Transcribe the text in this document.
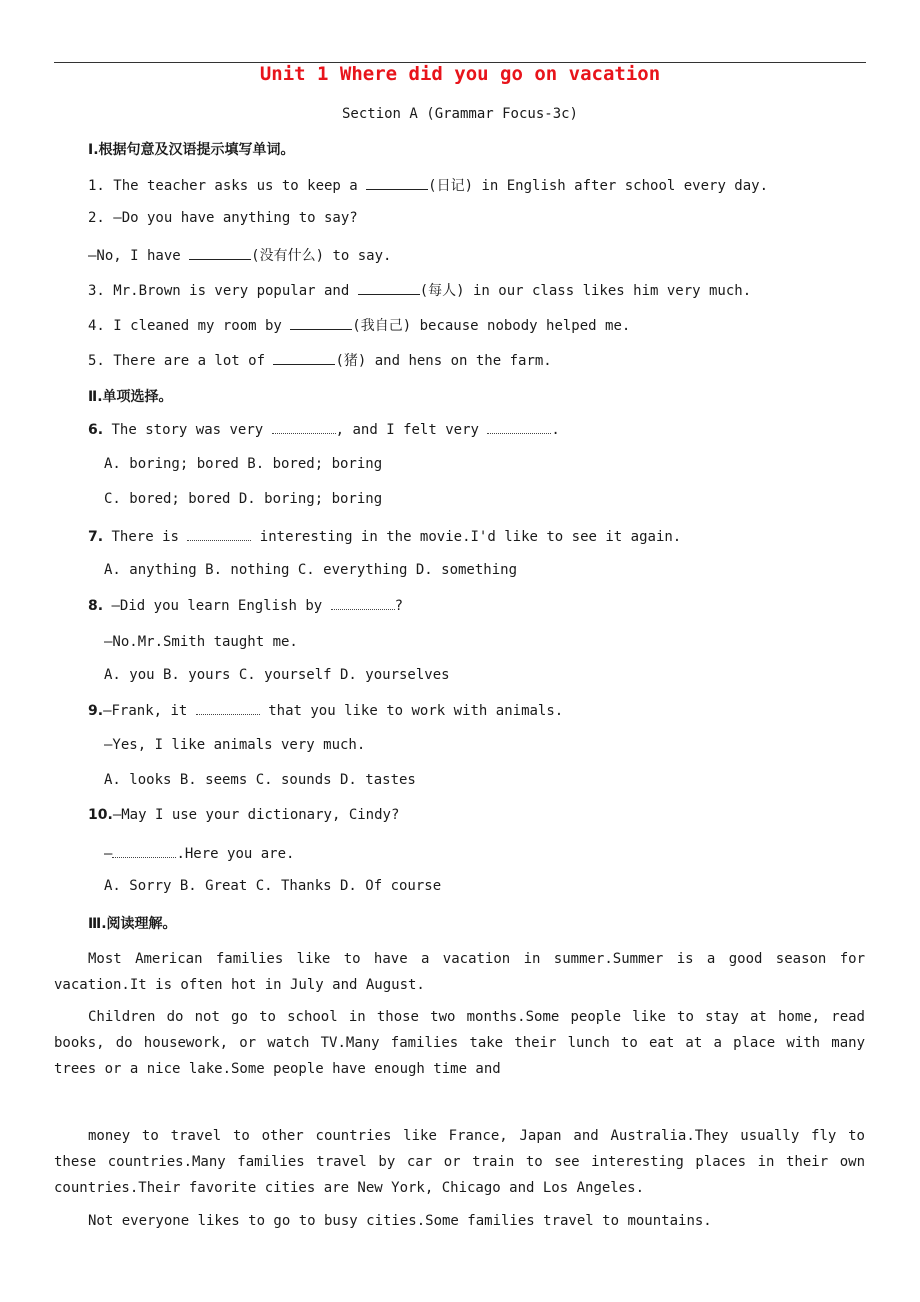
Unit 1 Where did you go on vacation
Section A (Grammar Focus-3c)
Ⅰ.根据句意及汉语提示填写单词。
1. The teacher asks us to keep a	(日记) in English after school every day.
2. —Do you have anything to say?
—No, I have	(没有什么) to say.
3. Mr.Brown is very popular and	(每人) in our class likes him very much.
4. I cleaned my room by	(我自己) because nobody helped me.
5. There are a lot of	(猪) and hens on the farm.
Ⅱ.单项选择。
6. The story was very	, and I felt very	.
A. boring; bored B. bored; boring
C. bored; bored D. boring; boring
7. There is	interesting in the movie.I'd like to see it again.
A. anything B. nothing C. everything D. something
8. —Did you learn English by	?
—No.Mr.Smith taught me.
A. you B. yours C. yourself D. yourselves
9.—Frank, it	that you like to work with animals.
—Yes, I like animals very much.
A. looks B. seems C. sounds D. tastes
10.—May I use your dictionary, Cindy?
—	.Here you are.
A. Sorry B. Great C. Thanks D. Of course
Ⅲ.阅读理解。
Most American families like to have a vacation in summer.Summer is a good season for vacation.It is often hot in July and August.
Children do not go to school in those two months.Some people like to stay at home, read books, do housework, or watch TV.Many families take their lunch to eat at a place with many trees or a nice lake.Some people have enough time and
money to travel to other countries like France, Japan and Australia.They usually fly to these countries.Many families travel by car or train to see interesting places in their own countries.Their favorite cities are New York, Chicago and Los Angeles.
Not everyone likes to go to busy cities.Some families travel to mountains.
